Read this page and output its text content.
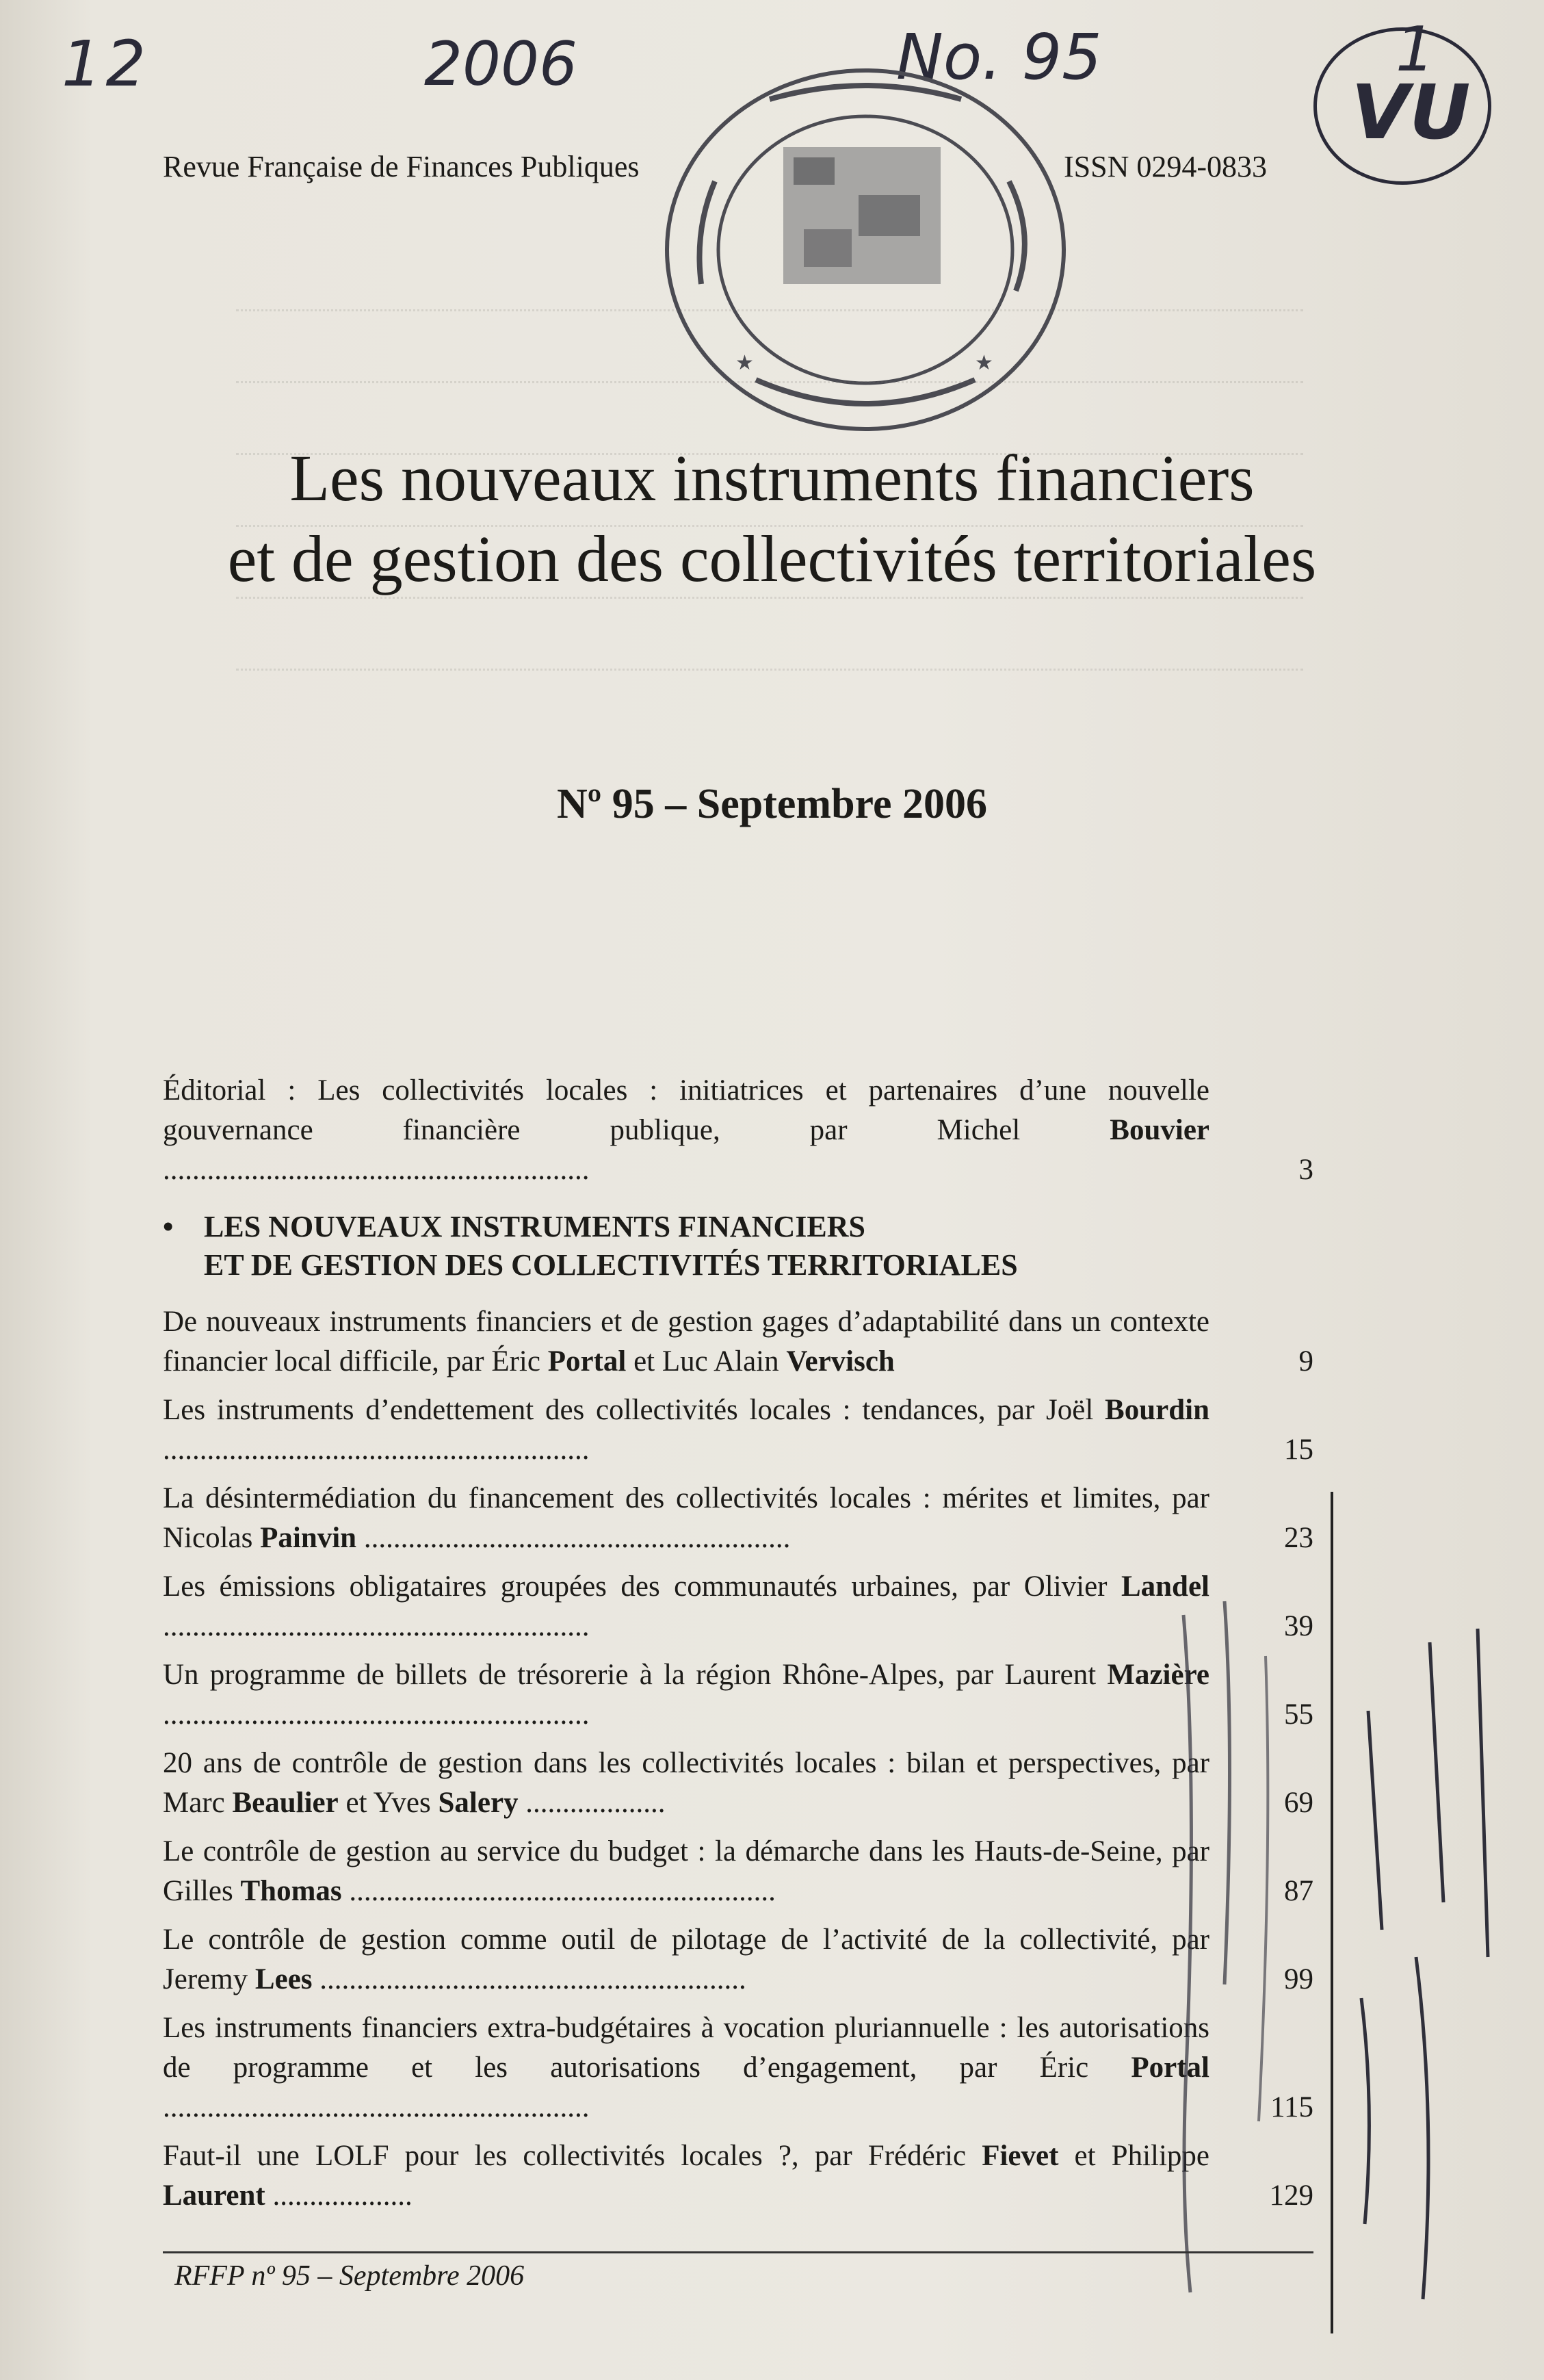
12	2006	No. 95	1
VU
★	★
Revue Française de Finances Publiques	ISSN 0294-0833
Les nouveaux instruments financiers
et de gestion des collectivités territoriales
Nº 95 – Septembre 2006
Éditorial : Les collectivités locales : initiatrices et partenaires d’une nouvelle gouvernance financière publique, par Michel Bouvier ..........................................................	3
• LES NOUVEAUX INSTRUMENTS FINANCIERS
ET DE GESTION DES COLLECTIVITÉS TERRITORIALES
De nouveaux instruments financiers et de gestion gages d’adaptabilité dans un contexte financier local difficile, par Éric Portal et Luc Alain Vervisch	9
Les instruments d’endettement des collectivités locales : tendances, par Joël Bourdin ..........................................................	15
La désintermédiation du financement des collectivités locales : mérites et limites, par Nicolas Painvin ..........................................................	23
Les émissions obligataires groupées des communautés urbaines, par Olivier Landel ..........................................................	39
Un programme de billets de trésorerie à la région Rhône-Alpes, par Laurent Mazière ..........................................................	55
20 ans de contrôle de gestion dans les collectivités locales : bilan et perspectives, par Marc Beaulier et Yves Salery ...................	69
Le contrôle de gestion au service du budget : la démarche dans les Hauts-de-Seine, par Gilles Thomas ..........................................................	87
Le contrôle de gestion comme outil de pilotage de l’activité de la collectivité, par Jeremy Lees ..........................................................	99
Les instruments financiers extra-budgétaires à vocation pluriannuelle : les autorisations de programme et les autorisations d’engagement, par Éric Portal ..........................................................	115
Faut-il une LOLF pour les collectivités locales ?, par Frédéric Fievet et Philippe Laurent ...................	129
RFFP nº 95 – Septembre 2006
